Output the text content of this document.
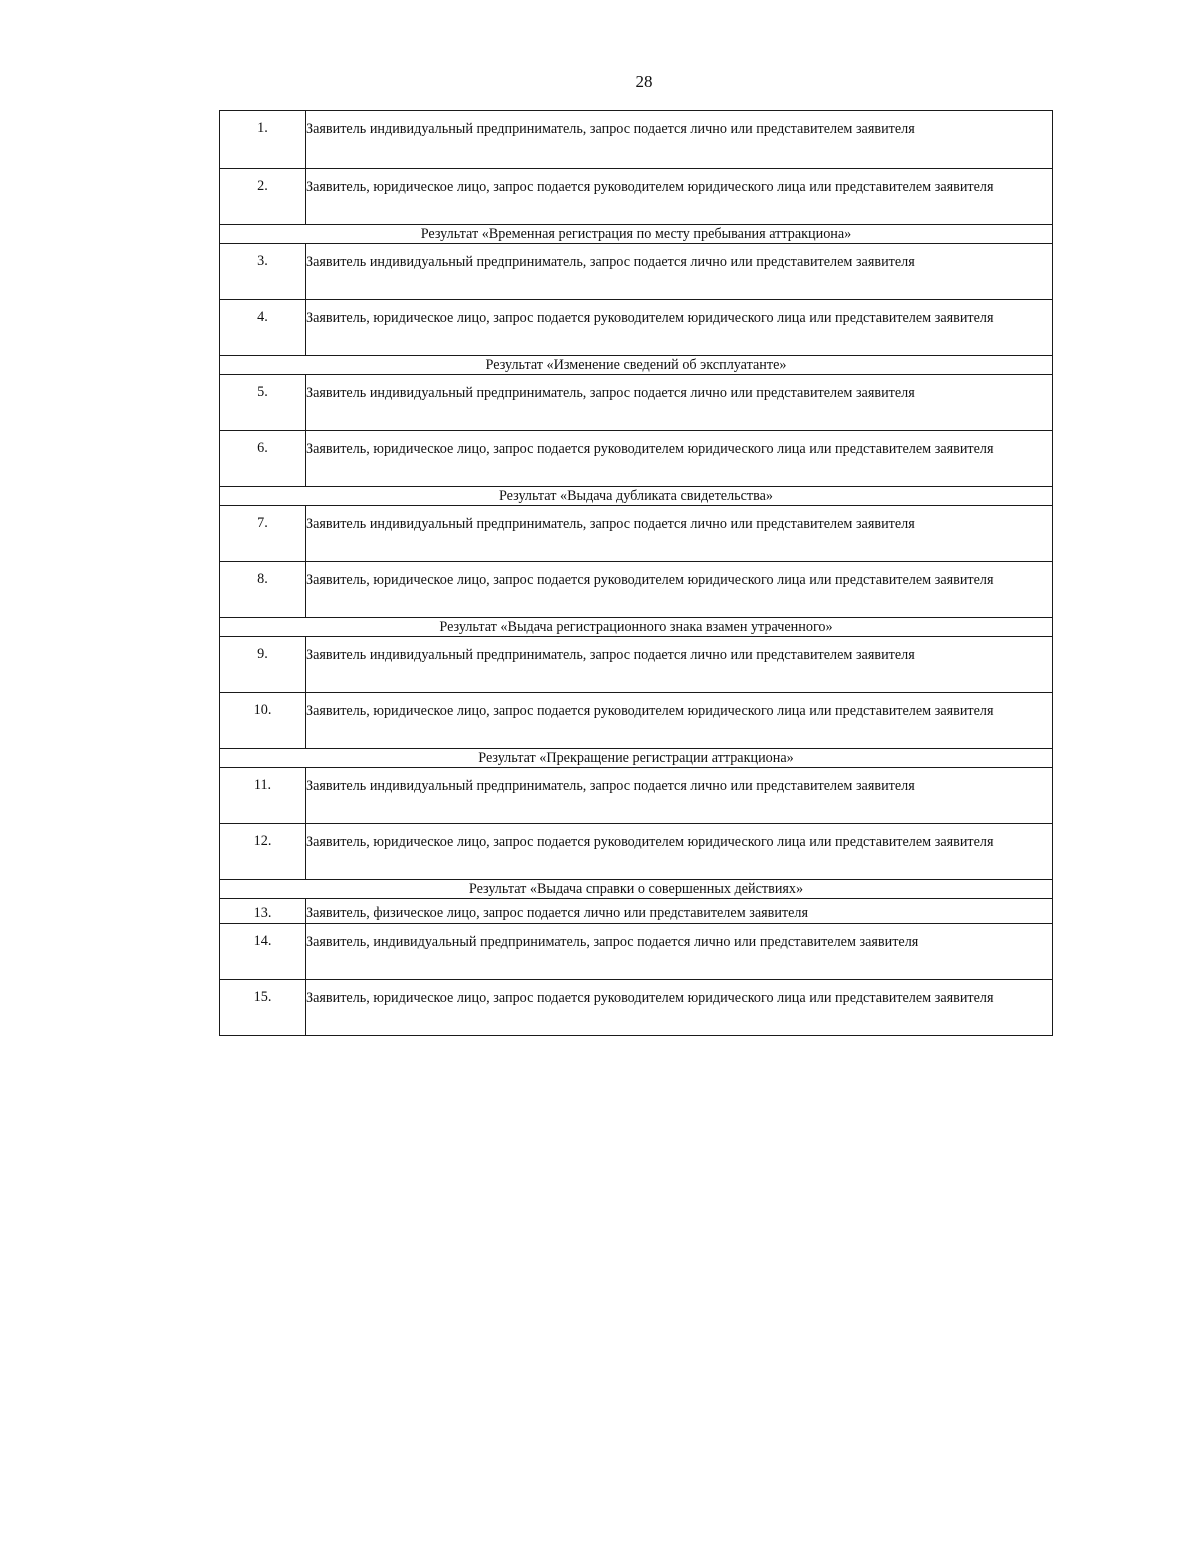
28
1.	Заявитель индивидуальный предприниматель, запрос подается лично или представителем заявителя

2.	Заявитель, юридическое лицо, запрос подается руководителем юридического лица или представителем заявителя

Результат «Временная регистрация по месту пребывания аттракциона»	
3.	Заявитель индивидуальный предприниматель, запрос подается лично или представителем заявителя

4.	Заявитель, юридическое лицо, запрос подается руководителем юридического лица или представителем заявителя

Результат «Изменение сведений об эксплуатанте»	
5.	Заявитель индивидуальный предприниматель, запрос подается лично или представителем заявителя

6.	Заявитель, юридическое лицо, запрос подается руководителем юридического лица или представителем заявителя

Результат «Выдача дубликата свидетельства»	
7.	Заявитель индивидуальный предприниматель, запрос подается лично или представителем заявителя

8.	Заявитель, юридическое лицо, запрос подается руководителем юридического лица или представителем заявителя

Результат «Выдача регистрационного знака взамен утраченного»	
9.	Заявитель индивидуальный предприниматель, запрос подается лично или представителем заявителя

10.	Заявитель, юридическое лицо, запрос подается руководителем юридического лица или представителем заявителя

Результат «Прекращение регистрации аттракциона»	
11.	Заявитель индивидуальный предприниматель, запрос подается лично или представителем заявителя

12.	Заявитель, юридическое лицо, запрос подается руководителем юридического лица или представителем заявителя

Результат «Выдача справки о совершенных действиях»	
13.	Заявитель, физическое лицо, запрос подается лично или представителем заявителя

14.	Заявитель, индивидуальный предприниматель, запрос подается лично или представителем заявителя

15.	Заявитель, юридическое лицо, запрос подается руководителем юридического лица или представителем заявителя
